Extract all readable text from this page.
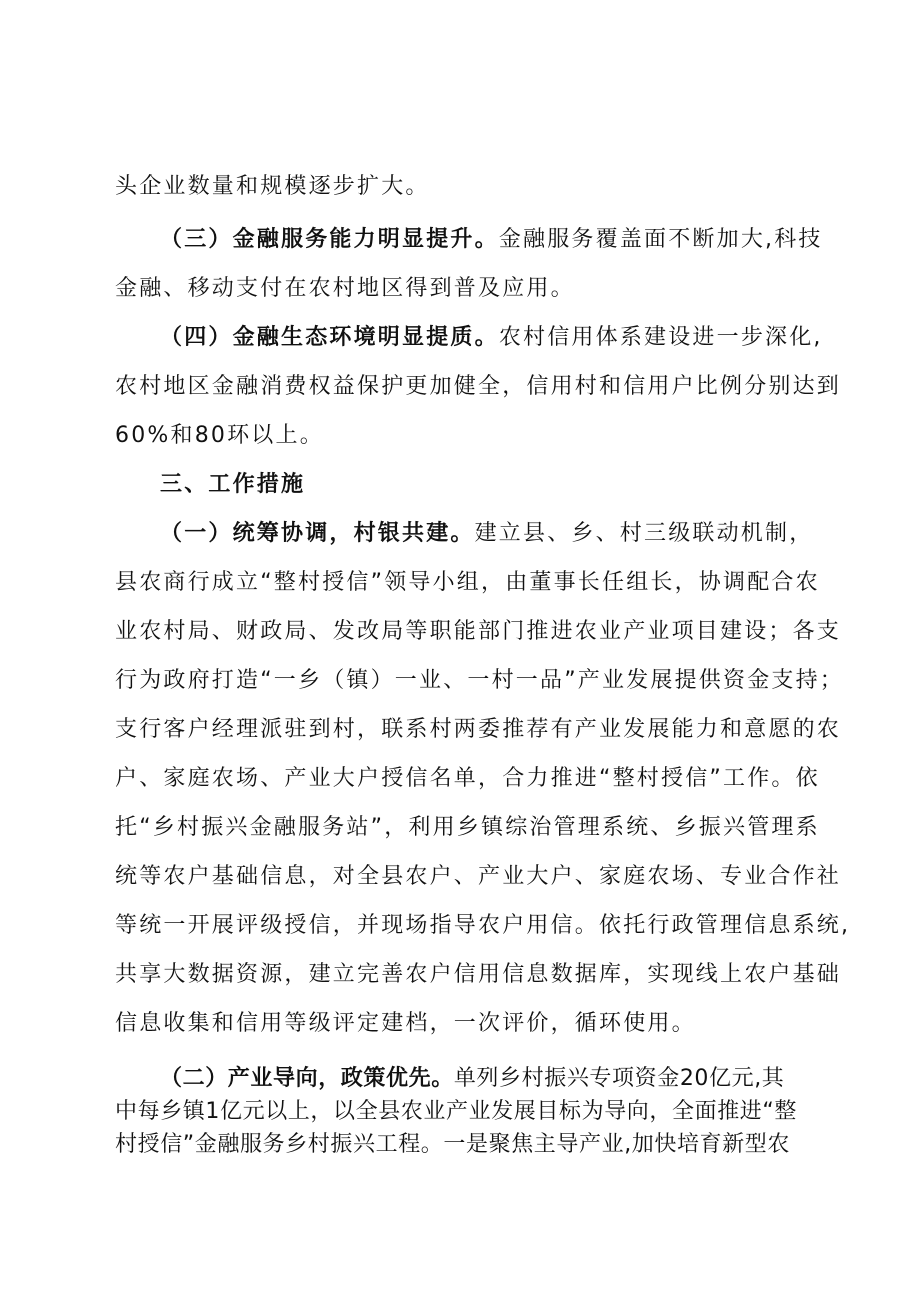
头企业数量和规模逐步扩大。
（三）金融服务能力明显提升。金融服务覆盖面不断加大,科技
金融、移动支付在农村地区得到普及应用。
（四）金融生态环境明显提质。农村信用体系建设进一步深化,
农村地区金融消费权益保护更加健全，信用村和信用户比例分别达到
60%和80环以上。
三、工作措施
（一）统筹协调，村银共建。建立县、乡、村三级联动机制，
县农商行成立“整村授信”领导小组，由董事长任组长，协调配合农
业农村局、财政局、发改局等职能部门推进农业产业项目建设；各支
行为政府打造“一乡（镇）一业、一村一品”产业发展提供资金支持；
支行客户经理派驻到村，联系村两委推荐有产业发展能力和意愿的农
户、家庭农场、产业大户授信名单，合力推进“整村授信”工作。依
托“乡村振兴金融服务站”，利用乡镇综治管理系统、乡振兴管理系
统等农户基础信息，对全县农户、产业大户、家庭农场、专业合作社
等统一开展评级授信，并现场指导农户用信。依托行政管理信息系统,
共享大数据资源，建立完善农户信用信息数据库，实现线上农户基础
信息收集和信用等级评定建档，一次评价，循环使用。
（二）产业导向，政策优先。单列乡村振兴专项资金20亿元,其
中每乡镇1亿元以上，以全县农业产业发展目标为导向，全面推进“整
村授信”金融服务乡村振兴工程。一是聚焦主导产业,加快培育新型农
